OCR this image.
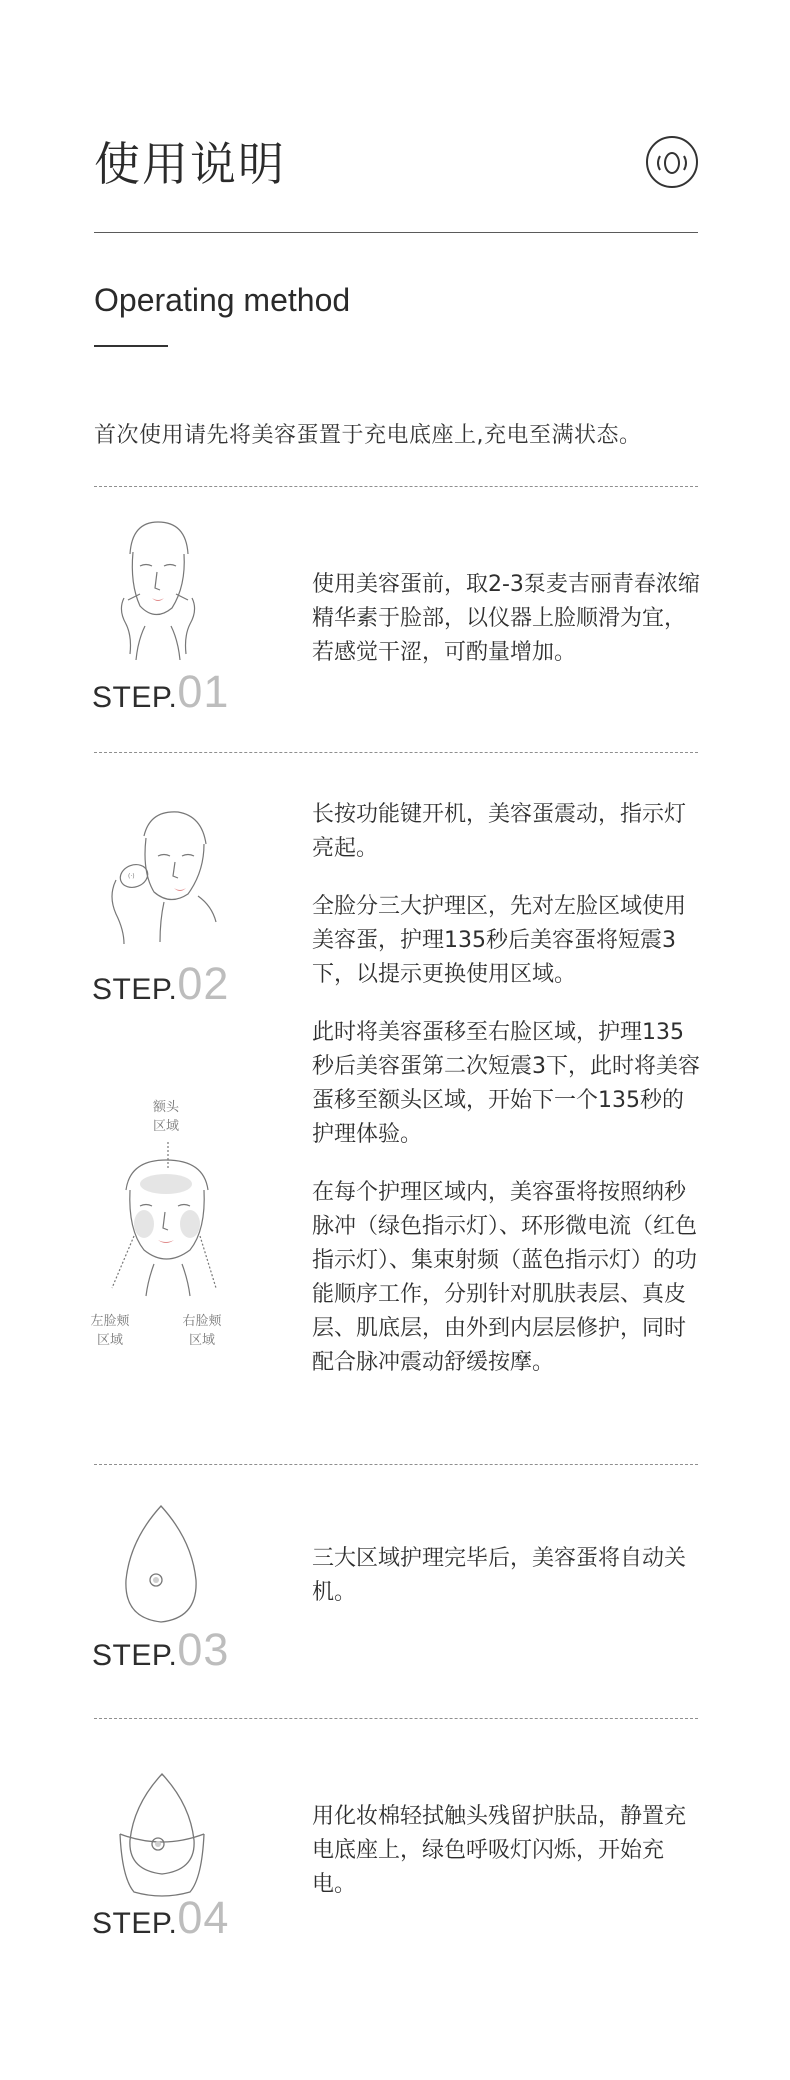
使用说明
Operating method
首次使用请先将美容蛋置于充电底座上,充电至满状态。
STEP.01

使用美容蛋前，取2-3泵麦吉丽青春浓缩精华素于脸部，以仪器上脸顺滑为宜，若感觉干涩，可酌量增加。

(·)
STEP.02
额头
区域
左脸颊
区域
右脸颊
区域

长按功能键开机，美容蛋震动，指示灯亮起。

全脸分三大护理区，先对左脸区域使用美容蛋，护理135秒后美容蛋将短震3下，以提示更换使用区域。

此时将美容蛋移至右脸区域，护理135秒后美容蛋第二次短震3下，此时将美容蛋移至额头区域，开始下一个135秒的护理体验。

在每个护理区域内，美容蛋将按照纳秒脉冲（绿色指示灯）、环形微电流（红色指示灯）、集束射频（蓝色指示灯）的功能顺序工作，分别针对肌肤表层、真皮层、肌底层，由外到内层层修护，同时配合脉冲震动舒缓按摩。

STEP.03

三大区域护理完毕后，美容蛋将自动关机。

STEP.04

用化妆棉轻拭触头残留护肤品，静置充电底座上，绿色呼吸灯闪烁，开始充电。
